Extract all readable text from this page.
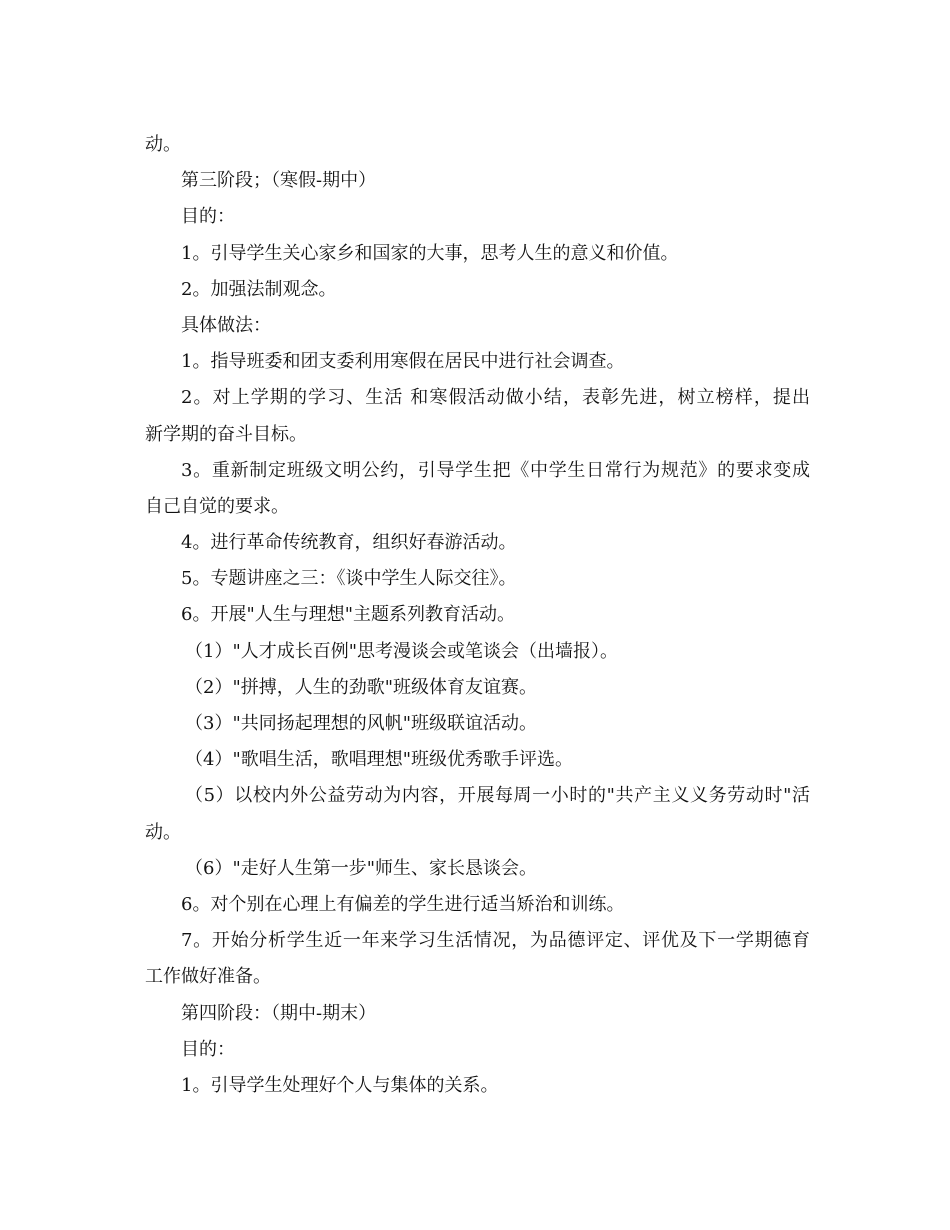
动。
第三阶段；（寒假-期中）
目的：
1。引导学生关心家乡和国家的大事，思考人生的意义和价值。
2。加强法制观念。
具体做法：
1。指导班委和团支委利用寒假在居民中进行社会调查。
2。对上学期的学习、生活 和寒假活动做小结，表彰先进，树立榜样，提出
新学期的奋斗目标。
3。重新制定班级文明公约，引导学生把《中学生日常行为规范》的要求变成
自己自觉的要求。
4。进行革命传统教育，组织好春游活动。
5。专题讲座之三：《谈中学生人际交往》。
6。开展"人生与理想"主题系列教育活动。
（1）"人才成长百例"思考漫谈会或笔谈会（出墙报）。
（2）"拼搏，人生的劲歌"班级体育友谊赛。
（3）"共同扬起理想的风帆"班级联谊活动。
（4）"歌唱生活，歌唱理想"班级优秀歌手评选。
（5）以校内外公益劳动为内容，开展每周一小时的"共产主义义务劳动时"活
动。
（6）"走好人生第一步"师生、家长恳谈会。
6。对个别在心理上有偏差的学生进行适当矫治和训练。
7。开始分析学生近一年来学习生活情况，为品德评定、评优及下一学期德育
工作做好准备。
第四阶段：（期中-期末）
目的：
1。引导学生处理好个人与集体的关系。
